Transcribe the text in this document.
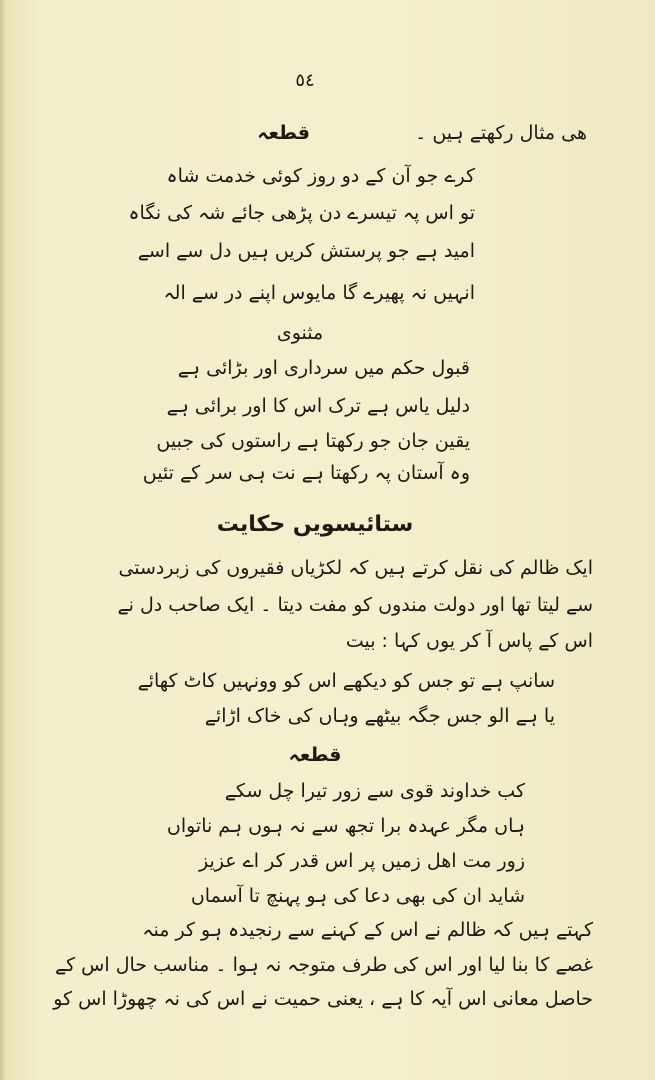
٥٤
هی مثال رکھتے ہیں ۔
قطعہ
کرے جو آن کے دو روز کوئی خدمت شاہ
تو اس پہ تیسرے دن پڑھی جائے شہ کی نگاہ
امید ہے جو پرستش کریں ہیں دل سے اسے
انہیں نہ پھیرے گا مایوس اپنے در سے الہ
مثنوی
قبول حکم میں سرداری اور بڑائی ہے
دلیل یاس ہے ترک اس کا اور برائی ہے
یقین جان جو رکھتا ہے راستوں کی جبیں
وہ آستان پہ رکھتا ہے نت ہی سر کے تئیں
ستائیسویں حکایت
ایک ظالم کی نقل کرتے ہیں کہ لکڑیاں فقیروں کی زبردستی
سے لیتا تھا اور دولت مندوں کو مفت دیتا ۔ ایک صاحب دل نے
اس کے پاس آ کر یوں کہا : بیت
سانپ ہے تو جس کو دیکھے اس کو وونہیں کاٹ کھائے
یا ہے الو جس جگہ بیٹھے وہاں کی خاک اڑائے
قطعہ
کب خداوند قوی سے زور تیرا چل سکے
ہاں مگر عہدہ برا تجھ سے نہ ہوں ہم ناتواں
زور مت اھل زمیں پر اس قدر کر اے عزیز
شاید ان کی بھی دعا کی ہو پہنچ تا آسماں
کہتے ہیں کہ ظالم نے اس کے کہنے سے رنجیدہ ہو کر منہ
غصے کا بنا لیا اور اس کی طرف متوجہ نہ ہوا ۔ مناسب حال اس کے
حاصل معانی اس آیہ کا ہے ، یعنی حمیت نے اس کی نہ چھوڑا اس کو
